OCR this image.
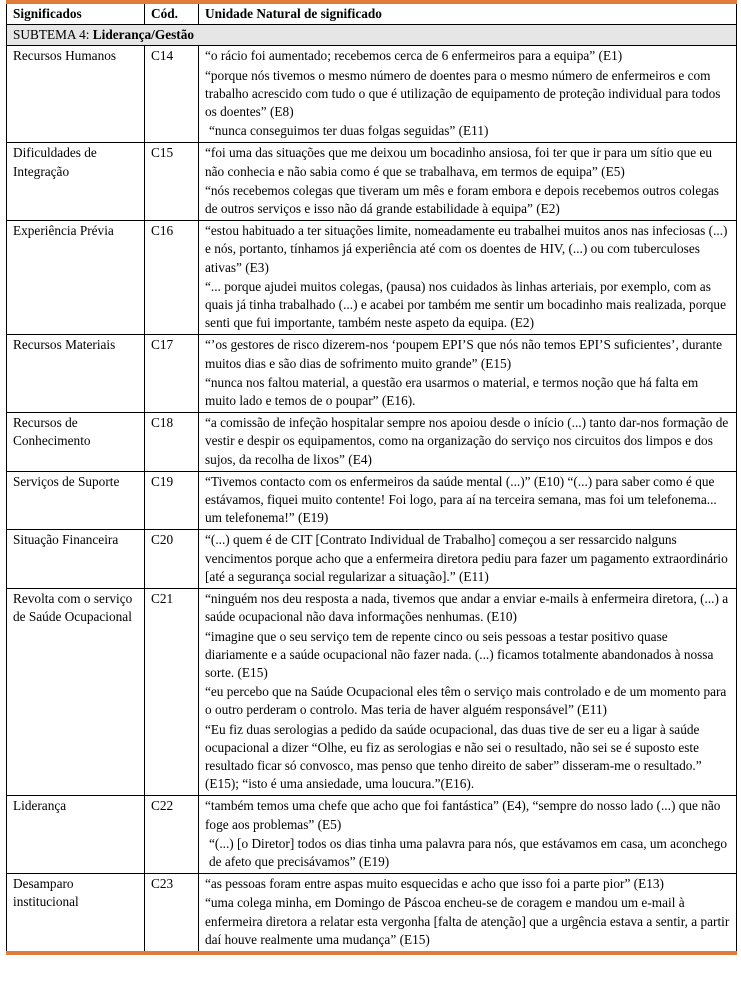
Significados	Cód.	Unidade Natural de significado
SUBTEMA 4: Liderança/Gestão		
Recursos Humanos	C14	“o rácio foi aumentado; recebemos cerca de 6 enfermeiros para a equipa” (E1)
“porque nós tivemos o mesmo número de doentes para o mesmo número de enfermeiros e com trabalho acrescido com tudo o que é utilização de equipamento de proteção individual para todos os doentes” (E8)
“nunca conseguimos ter duas folgas seguidas” (E11)

Dificuldades de Integração	C15	“foi uma das situações que me deixou um bocadinho ansiosa, foi ter que ir para um sítio que eu não conhecia e não sabia como é que se trabalhava, em termos de equipa” (E5)
“nós recebemos colegas que tiveram um mês e foram embora e depois recebemos outros colegas de outros serviços e isso não dá grande estabilidade à equipa” (E2)

Experiência Prévia	C16	“estou habituado a ter situações limite, nomeadamente eu trabalhei muitos anos nas infeciosas (...) e nós, portanto, tínhamos já experiência até com os doentes de HIV, (...) ou com tuberculoses ativas” (E3)
“... porque ajudei muitos colegas, (pausa) nos cuidados às linhas arteriais, por exemplo, com as quais já tinha trabalhado (...) e acabei por também me sentir um bocadinho mais realizada, porque senti que fui importante, também neste aspeto da equipa. (E2)

Recursos Materiais	C17	“’os gestores de risco dizerem-nos ‘poupem EPI’S que nós não temos EPI’S suficientes’, durante muitos dias e são dias de sofrimento muito grande” (E15)
“nunca nos faltou material, a questão era usarmos o material, e termos noção que há falta em muito lado e temos de o poupar” (E16).

Recursos de Conhecimento	C18	“a comissão de infeção hospitalar sempre nos apoiou desde o início (...) tanto dar-nos formação de vestir e despir os equipamentos, como na organização do serviço nos circuitos dos limpos e dos sujos, da recolha de lixos” (E4)

Serviços de Suporte	C19	“Tivemos contacto com os enfermeiros da saúde mental (...)” (E10) “(...) para saber como é que estávamos, fiquei muito contente! Foi logo, para aí na terceira semana, mas foi um telefonema... um telefonema!” (E19)

Situação Financeira	C20	“(...) quem é de CIT [Contrato Individual de Trabalho] começou a ser ressarcido nalguns vencimentos porque acho que a enfermeira diretora pediu para fazer um pagamento extraordinário [até a segurança social regularizar a situação].” (E11)

Revolta com o serviço de Saúde Ocupacional	C21	“ninguém nos deu resposta a nada, tivemos que andar a enviar e-mails à enfermeira diretora, (...) a saúde ocupacional não dava informações nenhumas. (E10)
“imagine que o seu serviço tem de repente cinco ou seis pessoas a testar positivo quase diariamente e a saúde ocupacional não fazer nada. (...) ficamos totalmente abandonados à nossa sorte. (E15)
“eu percebo que na Saúde Ocupacional eles têm o serviço mais controlado e de um momento para o outro perderam o controlo. Mas teria de haver alguém responsável” (E11)
“Eu fiz duas serologias a pedido da saúde ocupacional, das duas tive de ser eu a ligar à saúde ocupacional a dizer “Olhe, eu fiz as serologias e não sei o resultado, não sei se é suposto este resultado ficar só convosco, mas penso que tenho direito de saber” disseram-me o resultado.” (E15); “isto é uma ansiedade, uma loucura.”(E16).

Liderança	C22	“também temos uma chefe que acho que foi fantástica” (E4), “sempre do nosso lado (...) que não foge aos problemas” (E5)
“(...) [o Diretor] todos os dias tinha uma palavra para nós, que estávamos em casa, um aconchego de afeto que precisávamos” (E19)

Desamparo institucional	C23	“as pessoas foram entre aspas muito esquecidas e acho que isso foi a parte pior” (E13)
“uma colega minha, em Domingo de Páscoa encheu-se de coragem e mandou um e-mail à enfermeira diretora a relatar esta vergonha [falta de atenção] que a urgência estava a sentir, a partir daí houve realmente uma mudança” (E15)
